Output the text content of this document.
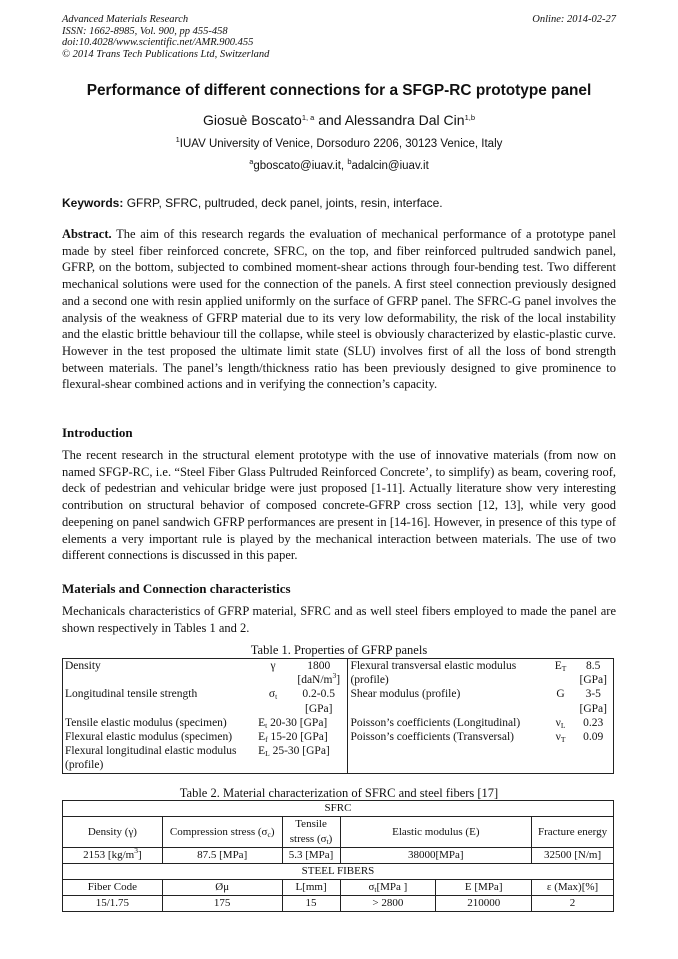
Advanced Materials Research
ISSN: 1662-8985, Vol. 900, pp 455-458
doi:10.4028/www.scientific.net/AMR.900.455
© 2014 Trans Tech Publications Ltd, Switzerland
Online: 2014-02-27
Performance of different connections for a SFGP-RC prototype panel
Giosuè Boscato$^{1, a}$ and Alessandra Dal Cin$^{1,b}$
$^1$IUAV University of Venice, Dorsoduro 2206, 30123 Venice, Italy
$^a$gboscato@iuav.it, $^b$adalcin@iuav.it
Keywords: GFRP, SFRC, pultruded, deck panel, joints, resin, interface.

Abstract. The aim of this research regards the evaluation of mechanical performance of a prototype panel made by steel fiber reinforced concrete, SFRC, on the top, and fiber reinforced pultruded sandwich panel, GFRP, on the bottom, subjected to combined moment-shear actions through four-bending test. Two different mechanical solutions were used for the connection of the panels. A first steel connection previously designed and a second one with resin applied uniformly on the surface of GFRP panel. The SFRC-G panel involves the analysis of the weakness of GFRP material due to its very low deformability, the risk of the local instability and the elastic brittle behaviour till the collapse, while steel is obviously characterized by elastic-plastic curve. However in the test proposed the ultimate limit state (SLU) involves first of all the loss of bond strength between materials. The panel’s length/thickness ratio has been previously designed to give prominence to flexural-shear combined actions and in verifying the connection’s capacity.

Introduction

The recent research in the structural element prototype with the use of innovative materials (from now on named SFGP-RC, i.e. “Steel Fiber Glass Pultruded Reinforced Concrete’, to simplify) as beam, covering roof, deck of pedestrian and vehicular bridge were just proposed [1-11]. Actually literature show very interesting contribution on structural behavior of composed concrete-GFRP cross section [12, 13], while very good deepening on panel sandwich GFRP performances are present in [14-16]. However, in presence of this type of elements a very important rule is played by the mechanical interaction between materials. The use of two different connections is discussed in this paper.

Materials and Connection characteristics

Mechanicals characteristics of GFRP material, SFRC and as well steel fibers employed to made the panel are shown respectively in Tables 1 and 2.

Table 1. Properties of GFRP panels
Density	γ	1800 $[daN/m^3]$	Flexural transversal elastic modulus (profile)	$E_T$	8.5 [GPa]
Longitudinal tensile strength	$\sigma_t$	0.2-0.5 [GPa]	Shear modulus (profile)	G	3-5 [GPa]
Tensile elastic modulus (specimen)	$E_t$ 20-30 [GPa]		Poisson’s coefficients (Longitudinal)	$\nu_L$	0.23
Flexural elastic modulus (specimen)	$E_f$ 15-20 [GPa]		Poisson’s coefficients (Transversal)	$\nu_T$	0.09
Flexural longitudinal elastic modulus (profile)	$E_L$ 25-30 [GPa]				
Table 2. Material characterization of SFRC and steel fibers [17]
SFRC					
Density (γ)	Compression stress $(\sigma_c)$	Tensile stress $(\sigma_t)$	Elastic modulus (E)		Fracture energy
2153 $[kg/m^3]$	87.5 [MPa]	5.3 [MPa]	38000[MPa]		32500 [N/m]
STEEL FIBERS					
Fiber Code	Øμ	L[mm]	$\sigma_t[MPa$ ]	E [MPa]	ε (Max)[%]
15/1.75	175	15	> 2800	210000	2
